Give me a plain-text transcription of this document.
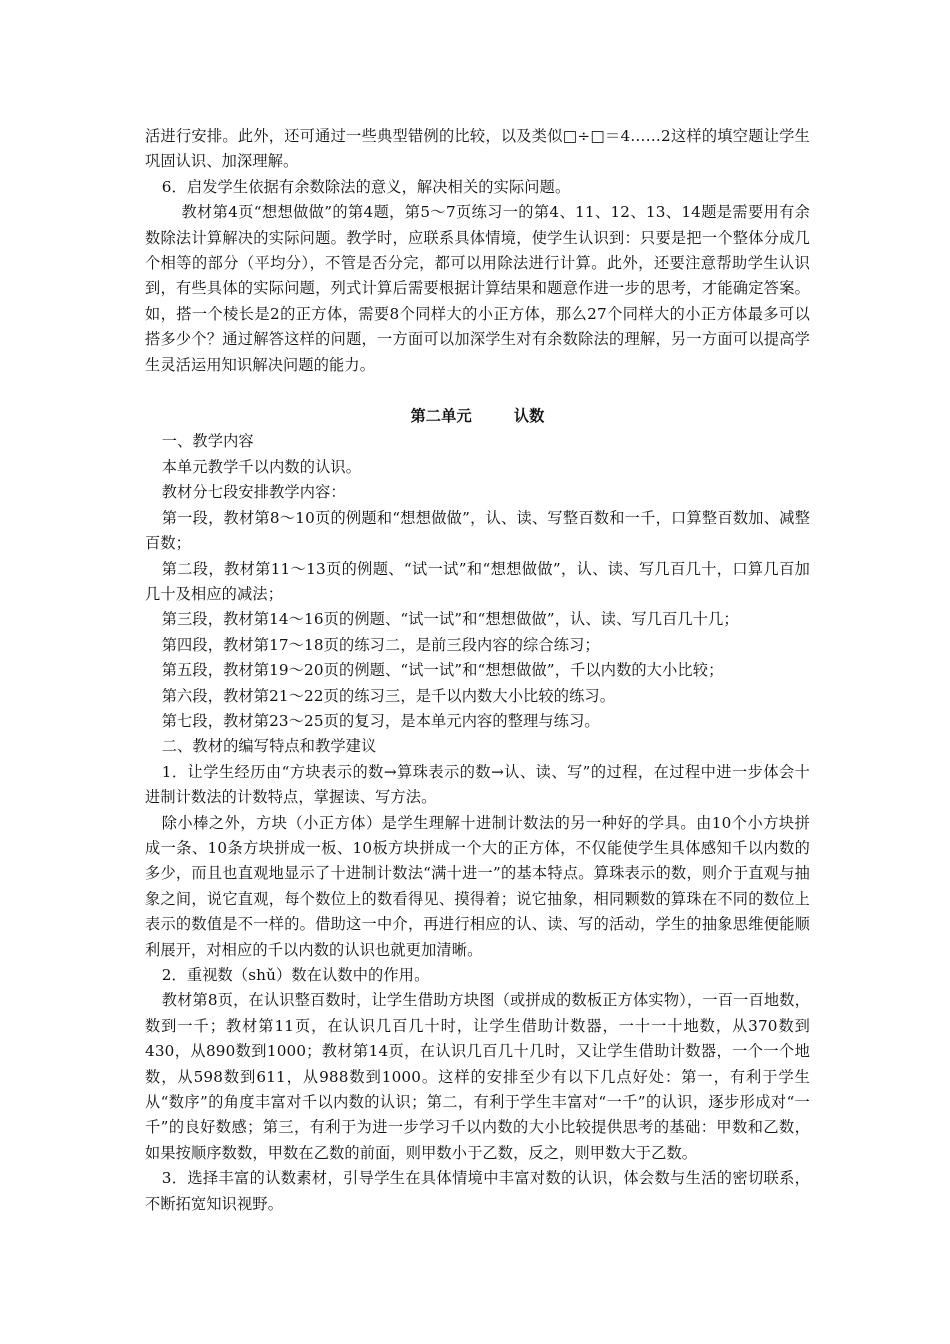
活进行安排。此外，还可通过一些典型错例的比较，以及类似□÷□＝4……2这样的填空题让学生巩固认识、加深理解。

6．启发学生依据有余数除法的意义，解决相关的实际问题。

教材第4页“想想做做”的第4题，第5～7页练习一的第4、11、12、13、14题是需要用有余数除法计算解决的实际问题。教学时，应联系具体情境，使学生认识到：只要是把一个整体分成几个相等的部分（平均分），不管是否分完，都可以用除法进行计算。此外，还要注意帮助学生认识到，有些具体的实际问题，列式计算后需要根据计算结果和题意作进一步的思考，才能确定答案。如，搭一个棱长是2的正方体，需要8个同样大的小正方体，那么27个同样大的小正方体最多可以搭多少个？通过解答这样的问题，一方面可以加深学生对有余数除法的理解，另一方面可以提高学生灵活运用知识解决问题的能力。

第二单元	认数

一、教学内容

本单元教学千以内数的认识。

教材分七段安排教学内容：

第一段，教材第8～10页的例题和“想想做做”，认、读、写整百数和一千，口算整百数加、减整百数；

第二段，教材第11～13页的例题、“试一试”和“想想做做”，认、读、写几百几十，口算几百加几十及相应的减法；

第三段，教材第14～16页的例题、“试一试”和“想想做做”，认、读、写几百几十几；

第四段，教材第17～18页的练习二，是前三段内容的综合练习；

第五段，教材第19～20页的例题、“试一试”和“想想做做”，千以内数的大小比较；

第六段，教材第21～22页的练习三，是千以内数大小比较的练习。

第七段，教材第23～25页的复习，是本单元内容的整理与练习。

二、教材的编写特点和教学建议

1．让学生经历由“方块表示的数→算珠表示的数→认、读、写”的过程，在过程中进一步体会十进制计数法的计数特点，掌握读、写方法。

除小棒之外，方块（小正方体）是学生理解十进制计数法的另一种好的学具。由10个小方块拼成一条、10条方块拼成一板、10板方块拼成一个大的正方体，不仅能使学生具体感知千以内数的多少，而且也直观地显示了十进制计数法“满十进一”的基本特点。算珠表示的数，则介于直观与抽象之间，说它直观，每个数位上的数看得见、摸得着；说它抽象，相同颗数的算珠在不同的数位上表示的数值是不一样的。借助这一中介，再进行相应的认、读、写的活动，学生的抽象思维便能顺利展开，对相应的千以内数的认识也就更加清晰。

2．重视数（shǔ）数在认数中的作用。

教材第8页，在认识整百数时，让学生借助方块图（或拼成的数板正方体实物），一百一百地数，数到一千；教材第11页，在认识几百几十时，让学生借助计数器，一十一十地数，从370数到430，从890数到1000；教材第14页，在认识几百几十几时，又让学生借助计数器，一个一个地数，从598数到611，从988数到1000。这样的安排至少有以下几点好处：第一，有利于学生从“数序”的角度丰富对千以内数的认识；第二，有利于学生丰富对“一千”的认识，逐步形成对“一千”的良好数感；第三，有利于为进一步学习千以内数的大小比较提供思考的基础：甲数和乙数，如果按顺序数数，甲数在乙数的前面，则甲数小于乙数，反之，则甲数大于乙数。

3．选择丰富的认数素材，引导学生在具体情境中丰富对数的认识，体会数与生活的密切联系，不断拓宽知识视野。
